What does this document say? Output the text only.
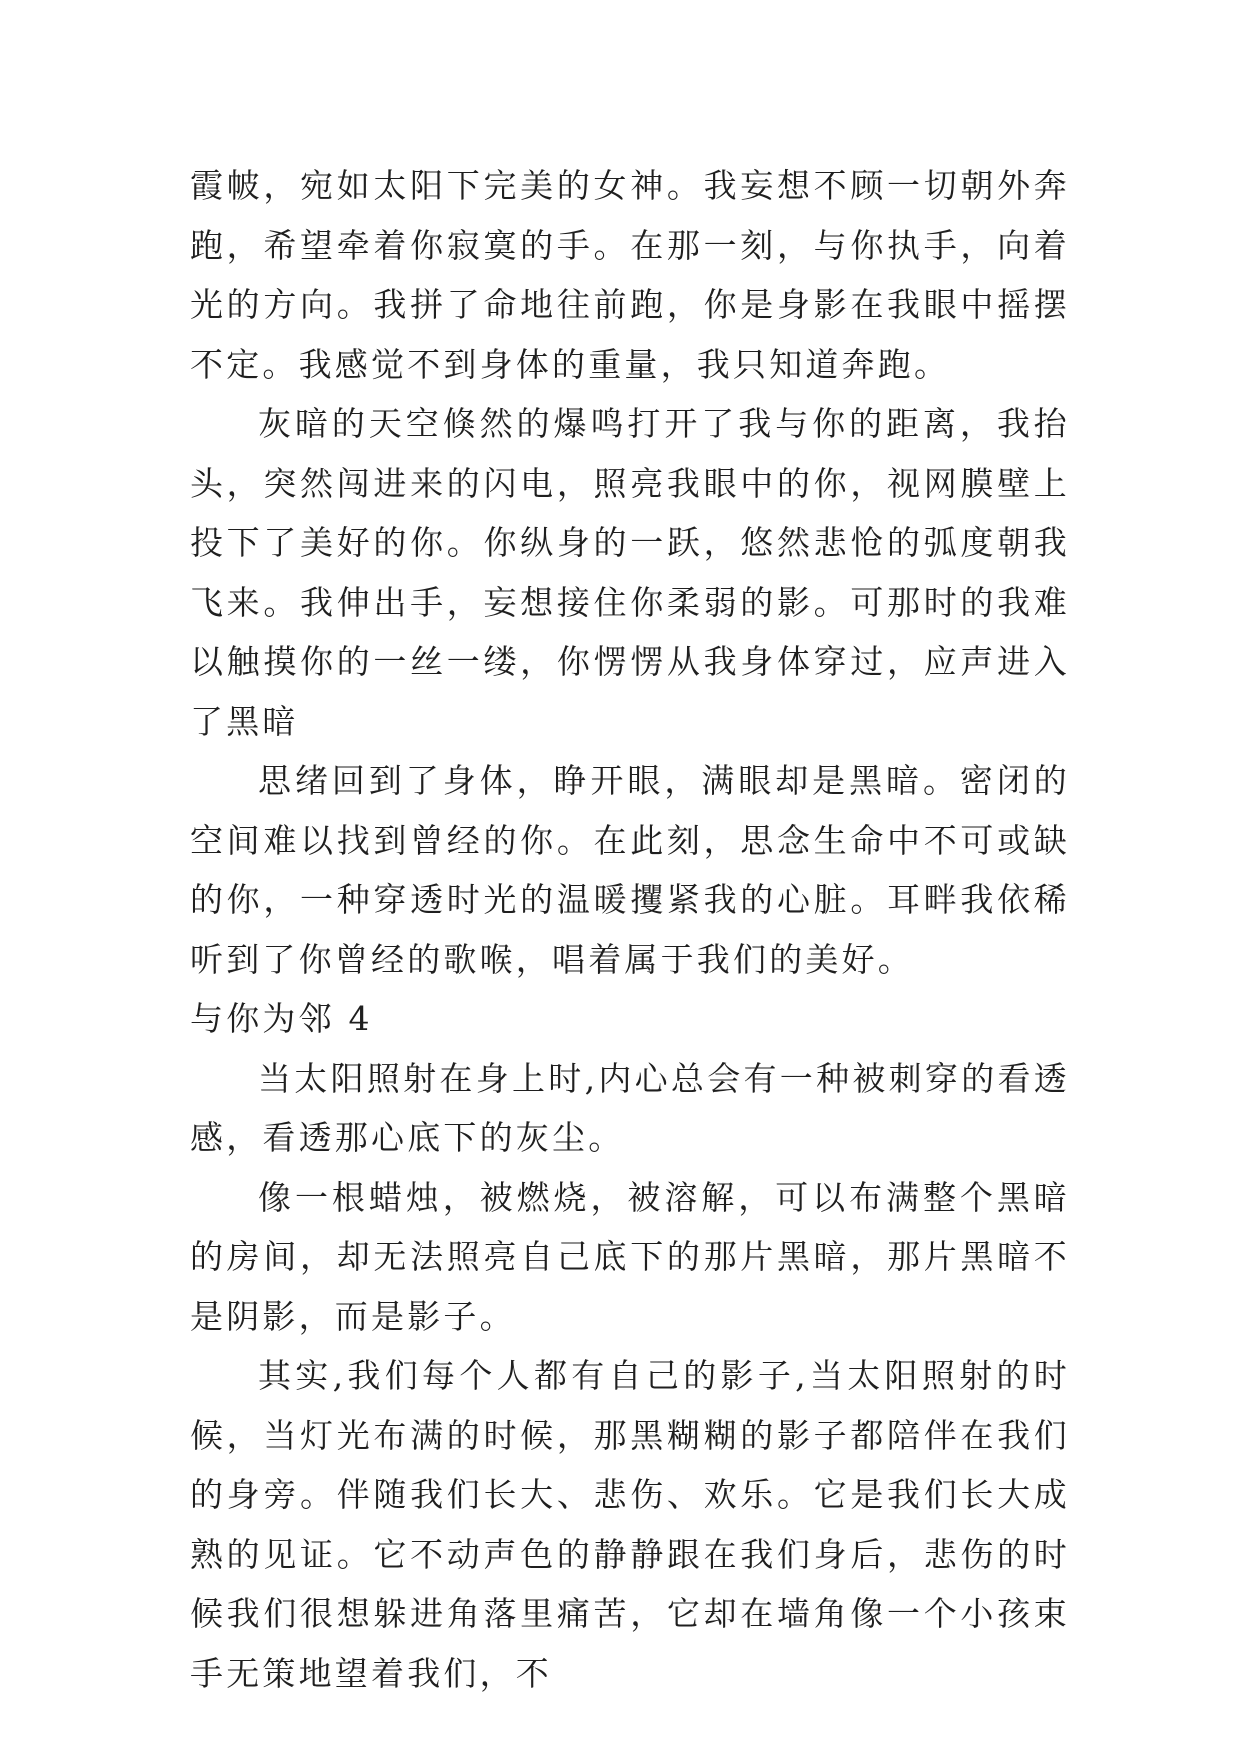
霞帔，宛如太阳下完美的女神。我妄想不顾一切朝外奔跑，希望牵着你寂寞的手。在那一刻，与你执手，向着光的方向。我拼了命地往前跑，你是身影在我眼中摇摆不定。我感觉不到身体的重量，我只知道奔跑。

灰暗的天空倏然的爆鸣打开了我与你的距离，我抬头，突然闯进来的闪电，照亮我眼中的你，视网膜壁上投下了美好的你。你纵身的一跃，悠然悲怆的弧度朝我飞来。我伸出手，妄想接住你柔弱的影。可那时的我难以触摸你的一丝一缕，你愣愣从我身体穿过，应声进入了黑暗

思绪回到了身体，睁开眼，满眼却是黑暗。密闭的空间难以找到曾经的你。在此刻，思念生命中不可或缺的你，一种穿透时光的温暖攫紧我的心脏。耳畔我依稀听到了你曾经的歌喉，唱着属于我们的美好。

与你为邻 4

当太阳照射在身上时,内心总会有一种被刺穿的看透感，看透那心底下的灰尘。

像一根蜡烛，被燃烧，被溶解，可以布满整个黑暗的房间，却无法照亮自己底下的那片黑暗，那片黑暗不是阴影，而是影子。

其实,我们每个人都有自己的影子,当太阳照射的时候，当灯光布满的时候，那黑糊糊的影子都陪伴在我们的身旁。伴随我们长大、悲伤、欢乐。它是我们长大成熟的见证。它不动声色的静静跟在我们身后，悲伤的时候我们很想躲进角落里痛苦，它却在墙角像一个小孩束手无策地望着我们，不
